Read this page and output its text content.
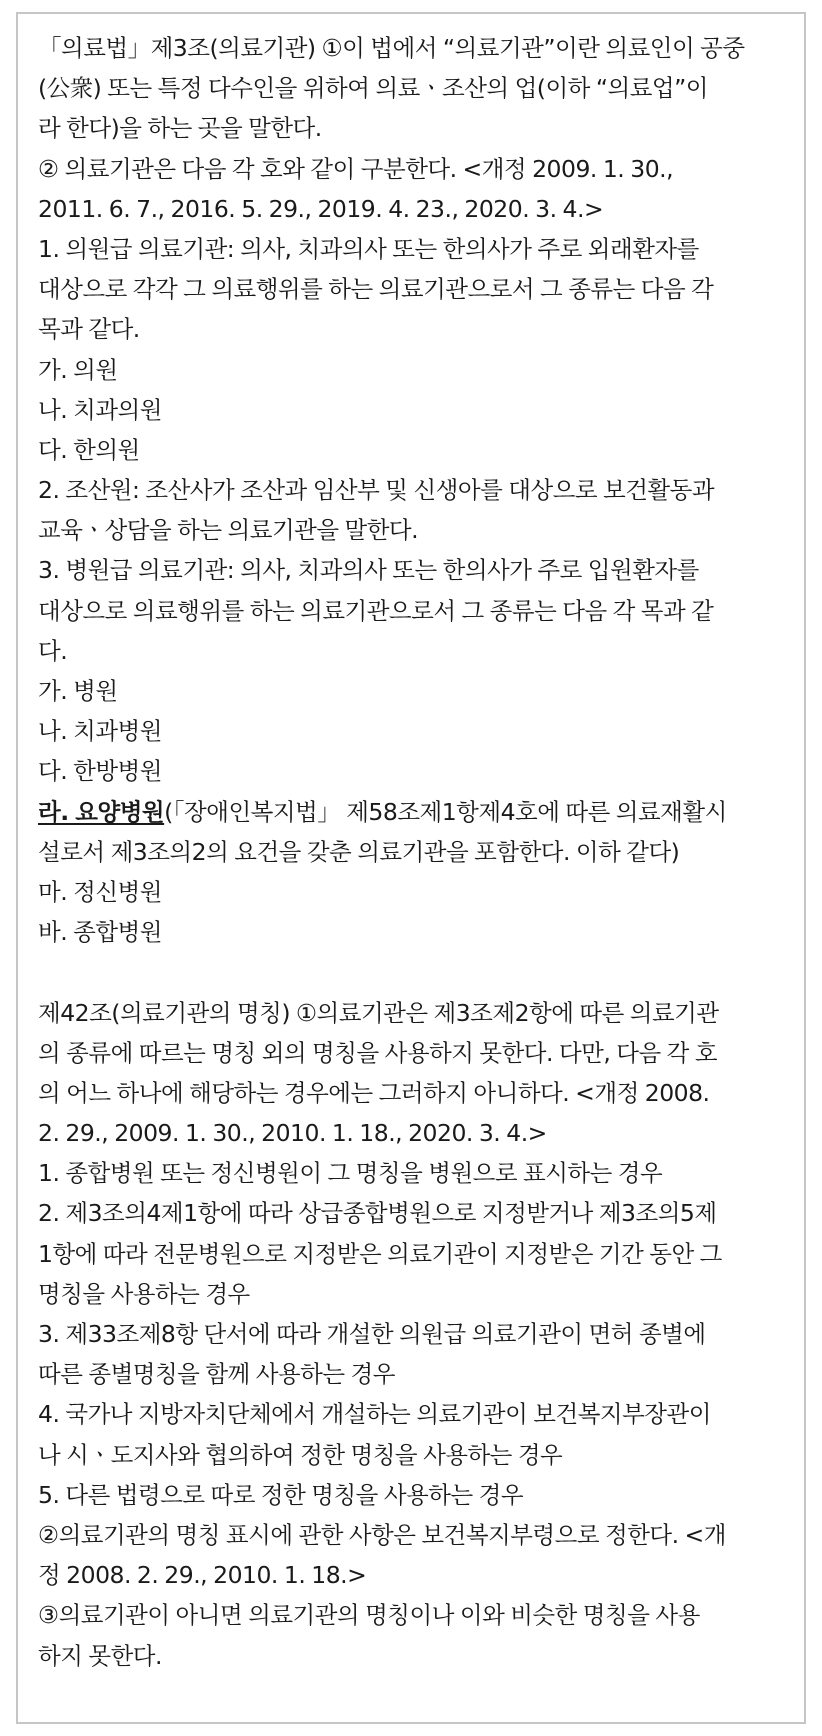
「의료법」제3조(의료기관) ①이 법에서 “의료기관”이란 의료인이 공중
(公衆) 또는 특정 다수인을 위하여 의료ㆍ조산의 업(이하 “의료업”이
라 한다)을 하는 곳을 말한다.
② 의료기관은 다음 각 호와 같이 구분한다. <개정 2009. 1. 30.,
2011. 6. 7., 2016. 5. 29., 2019. 4. 23., 2020. 3. 4.>
1. 의원급 의료기관: 의사, 치과의사 또는 한의사가 주로 외래환자를
대상으로 각각 그 의료행위를 하는 의료기관으로서 그 종류는 다음 각
목과 같다.
가. 의원
나. 치과의원
다. 한의원
2. 조산원: 조산사가 조산과 임산부 및 신생아를 대상으로 보건활동과
교육ㆍ상담을 하는 의료기관을 말한다.
3. 병원급 의료기관: 의사, 치과의사 또는 한의사가 주로 입원환자를
대상으로 의료행위를 하는 의료기관으로서 그 종류는 다음 각 목과 같
다.
가. 병원
나. 치과병원
다. 한방병원
라. 요양병원(「장애인복지법」 제58조제1항제4호에 따른 의료재활시
설로서 제3조의2의 요건을 갖춘 의료기관을 포함한다. 이하 같다)
마. 정신병원
바. 종합병원
제42조(의료기관의 명칭) ①의료기관은 제3조제2항에 따른 의료기관
의 종류에 따르는 명칭 외의 명칭을 사용하지 못한다. 다만, 다음 각 호
의 어느 하나에 해당하는 경우에는 그러하지 아니하다. <개정 2008.
2. 29., 2009. 1. 30., 2010. 1. 18., 2020. 3. 4.>
1. 종합병원 또는 정신병원이 그 명칭을 병원으로 표시하는 경우
2. 제3조의4제1항에 따라 상급종합병원으로 지정받거나 제3조의5제
1항에 따라 전문병원으로 지정받은 의료기관이 지정받은 기간 동안 그
명칭을 사용하는 경우
3. 제33조제8항 단서에 따라 개설한 의원급 의료기관이 면허 종별에
따른 종별명칭을 함께 사용하는 경우
4. 국가나 지방자치단체에서 개설하는 의료기관이 보건복지부장관이
나 시ㆍ도지사와 협의하여 정한 명칭을 사용하는 경우
5. 다른 법령으로 따로 정한 명칭을 사용하는 경우
②의료기관의 명칭 표시에 관한 사항은 보건복지부령으로 정한다. <개
정 2008. 2. 29., 2010. 1. 18.>
③의료기관이 아니면 의료기관의 명칭이나 이와 비슷한 명칭을 사용
하지 못한다.
